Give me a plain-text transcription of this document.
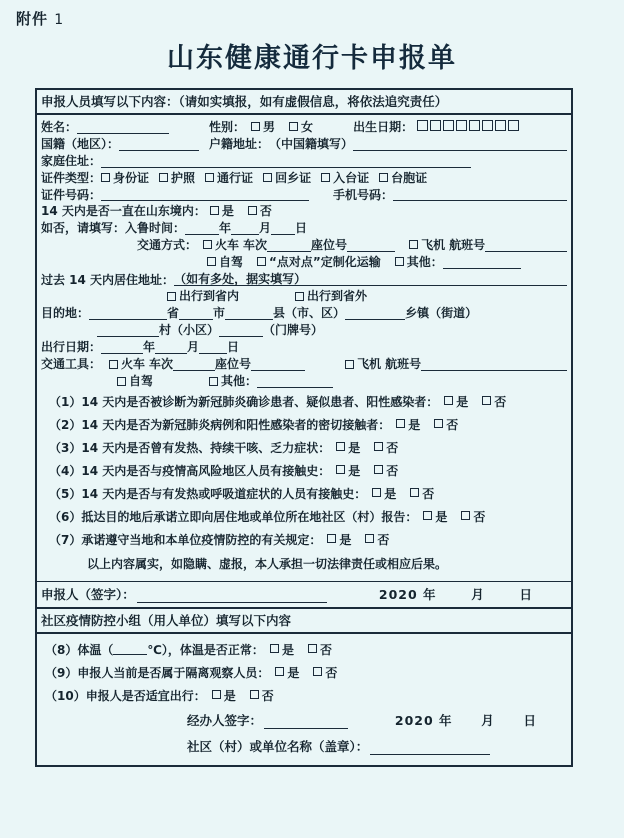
附件 1
山东健康通行卡申报单
申报人员填写以下内容：（请如实填报，如有虚假信息，将依法追究责任）
姓名：	性别： 男 女	出生日期：
国籍（地区）：	户籍地址： （中国籍填写）
家庭住址：
证件类型： 身份证 护照 通行证 回乡证 入台证 台胞证
证件号码：	手机号码：
14 天内是否一直在山东境内： 是 否
如否，请填写：入鲁时间：	年 月 日
交通方式： 火车 车次	座位号	飞机 航班号
自驾 “点对点”定制化运输 其他：
过去 14 天内居住地址： （如有多处，据实填写）
出行到省内	出行到省外
目的地：	省	市	县（市、区）	乡镇（街道）
村（小区）	（门牌号）
出行日期：	年	月 日
交通工具： 火车 车次	座位号	飞机 航班号
自驾	其他：
（1） 14 天内是否被诊断为新冠肺炎确诊患者、疑似患者、阳性感染者： 是 否
（2） 14 天内是否为新冠肺炎病例和阳性感染者的密切接触者： 是 否
（3） 14 天内是否曾有发热、持续干咳、乏力症状： 是 否
（4） 14 天内是否与疫情高风险地区人员有接触史： 是 否
（5） 14 天内是否与有发热或呼吸道症状的人员有接触史： 是 否
（6） 抵达目的地后承诺立即向居住地或单位所在地社区（村）报告： 是 否
（7） 承诺遵守当地和本单位疫情防控的有关规定： 是 否
以上内容属实，如隐瞒、虚报，本人承担一切法律责任或相应后果。
申报人（签字）：	2020 年	月	日
社区疫情防控小组（用人单位）填写以下内容
（8） 体温（	℃）， 体温是否正常： 是 否
（9） 申报人当前是否属于隔离观察人员： 是 否
（10） 申报人是否适宜出行： 是 否
经办人签字：	2020 年 月 日
社区（村）或单位名称（盖章）：
